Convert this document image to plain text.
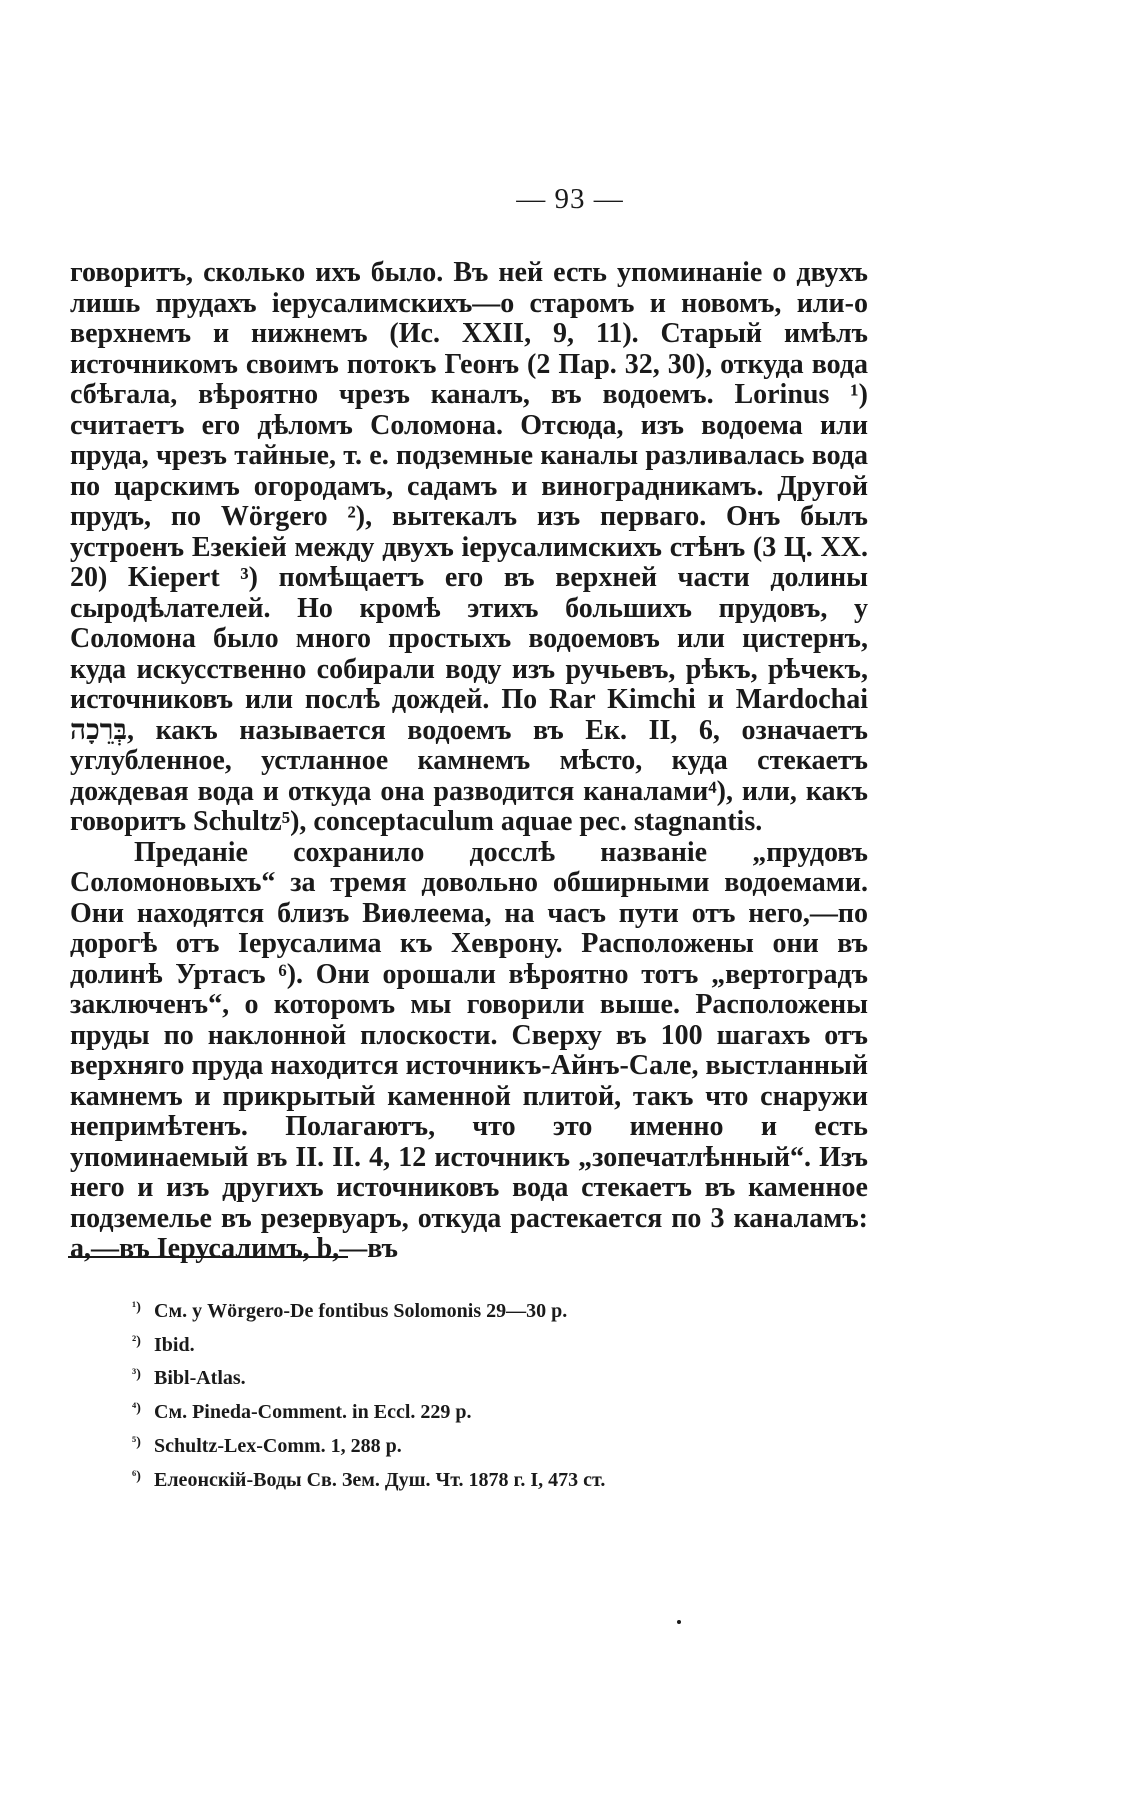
— 93 —

говоритъ, сколько ихъ было. Въ ней есть упоминаніе о двухъ лишь прудахъ іерусалимскихъ—о старомъ и новомъ, или-о верхнемъ и нижнемъ (Ис. XXII, 9, 11). Старый имѣлъ источникомъ своимъ потокъ Геонъ (2 Пар. 32, 30), откуда вода сбѣгала, вѣроятно чрезъ каналъ, въ водоемъ. Lorinus ¹) считаетъ его дѣломъ Соломона. Отсюда, изъ водоема или пруда, чрезъ тайные, т. е. подземные каналы разливалась вода по царскимъ огородамъ, садамъ и виноградникамъ. Другой прудъ, по Wörgero ²), вытекалъ изъ перваго. Онъ былъ устроенъ Езекіей между двухъ іерусалимскихъ стѣнъ (3 Ц. XX. 20) Kiepert ³) помѣщаетъ его въ верхней части долины сыродѣлателей. Но кромѣ этихъ большихъ прудовъ, у Соломона было много простыхъ водоемовъ или цистернъ, куда искусственно собирали воду изъ ручьевъ, рѣкъ, рѣчекъ, источниковъ или послѣ дождей. По Rar Kimchi и Mardochai בְּרֵכָה, какъ называется водоемъ въ Ек. II, 6, означаетъ углубленное, устланное камнемъ мѣсто, куда стекаетъ дождевая вода и откуда она разводится каналами⁴), или, какъ говоритъ Schultz⁵), conceptaculum aquae pec. stagnantis.

Преданіе сохранило досслѣ названіе „прудовъ Соломоновыхъ“ за тремя довольно обширными водоемами. Они находятся близъ Виѳлеема, на часъ пути отъ него,—по дорогѣ отъ Іерусалима къ Хеврону. Расположены они въ долинѣ Уртасъ ⁶). Они орошали вѣроятно тотъ „вертоградъ заключенъ“, о которомъ мы говорили выше. Расположены пруды по наклонной плоскости. Сверху въ 100 шагахъ отъ верхняго пруда находится источникъ-Айнъ-Сале, выстланный камнемъ и прикрытый каменной плитой, такъ что снаружи непримѣтенъ. Полагаютъ, что это именно и есть упоминаемый въ II. II. 4, 12 источникъ „зопечатлѣнный“. Изъ него и изъ другихъ источниковъ вода стекаетъ въ каменное подземелье въ резервуаръ, откуда растекается по 3 каналамъ: a,—въ Іерусалимъ, b,—въ

¹) См. у Wörgero-De fontibus Solomonis 29—30 р.
²) Ibid.
³) Bibl-Atlas.
⁴) См. Pineda-Comment. in Eccl. 229 р.
⁵) Schultz-Lex-Comm. 1, 288 р.
⁶) Елеонскій-Воды Св. Зем. Душ. Чт. 1878 г. I, 473 ст.
